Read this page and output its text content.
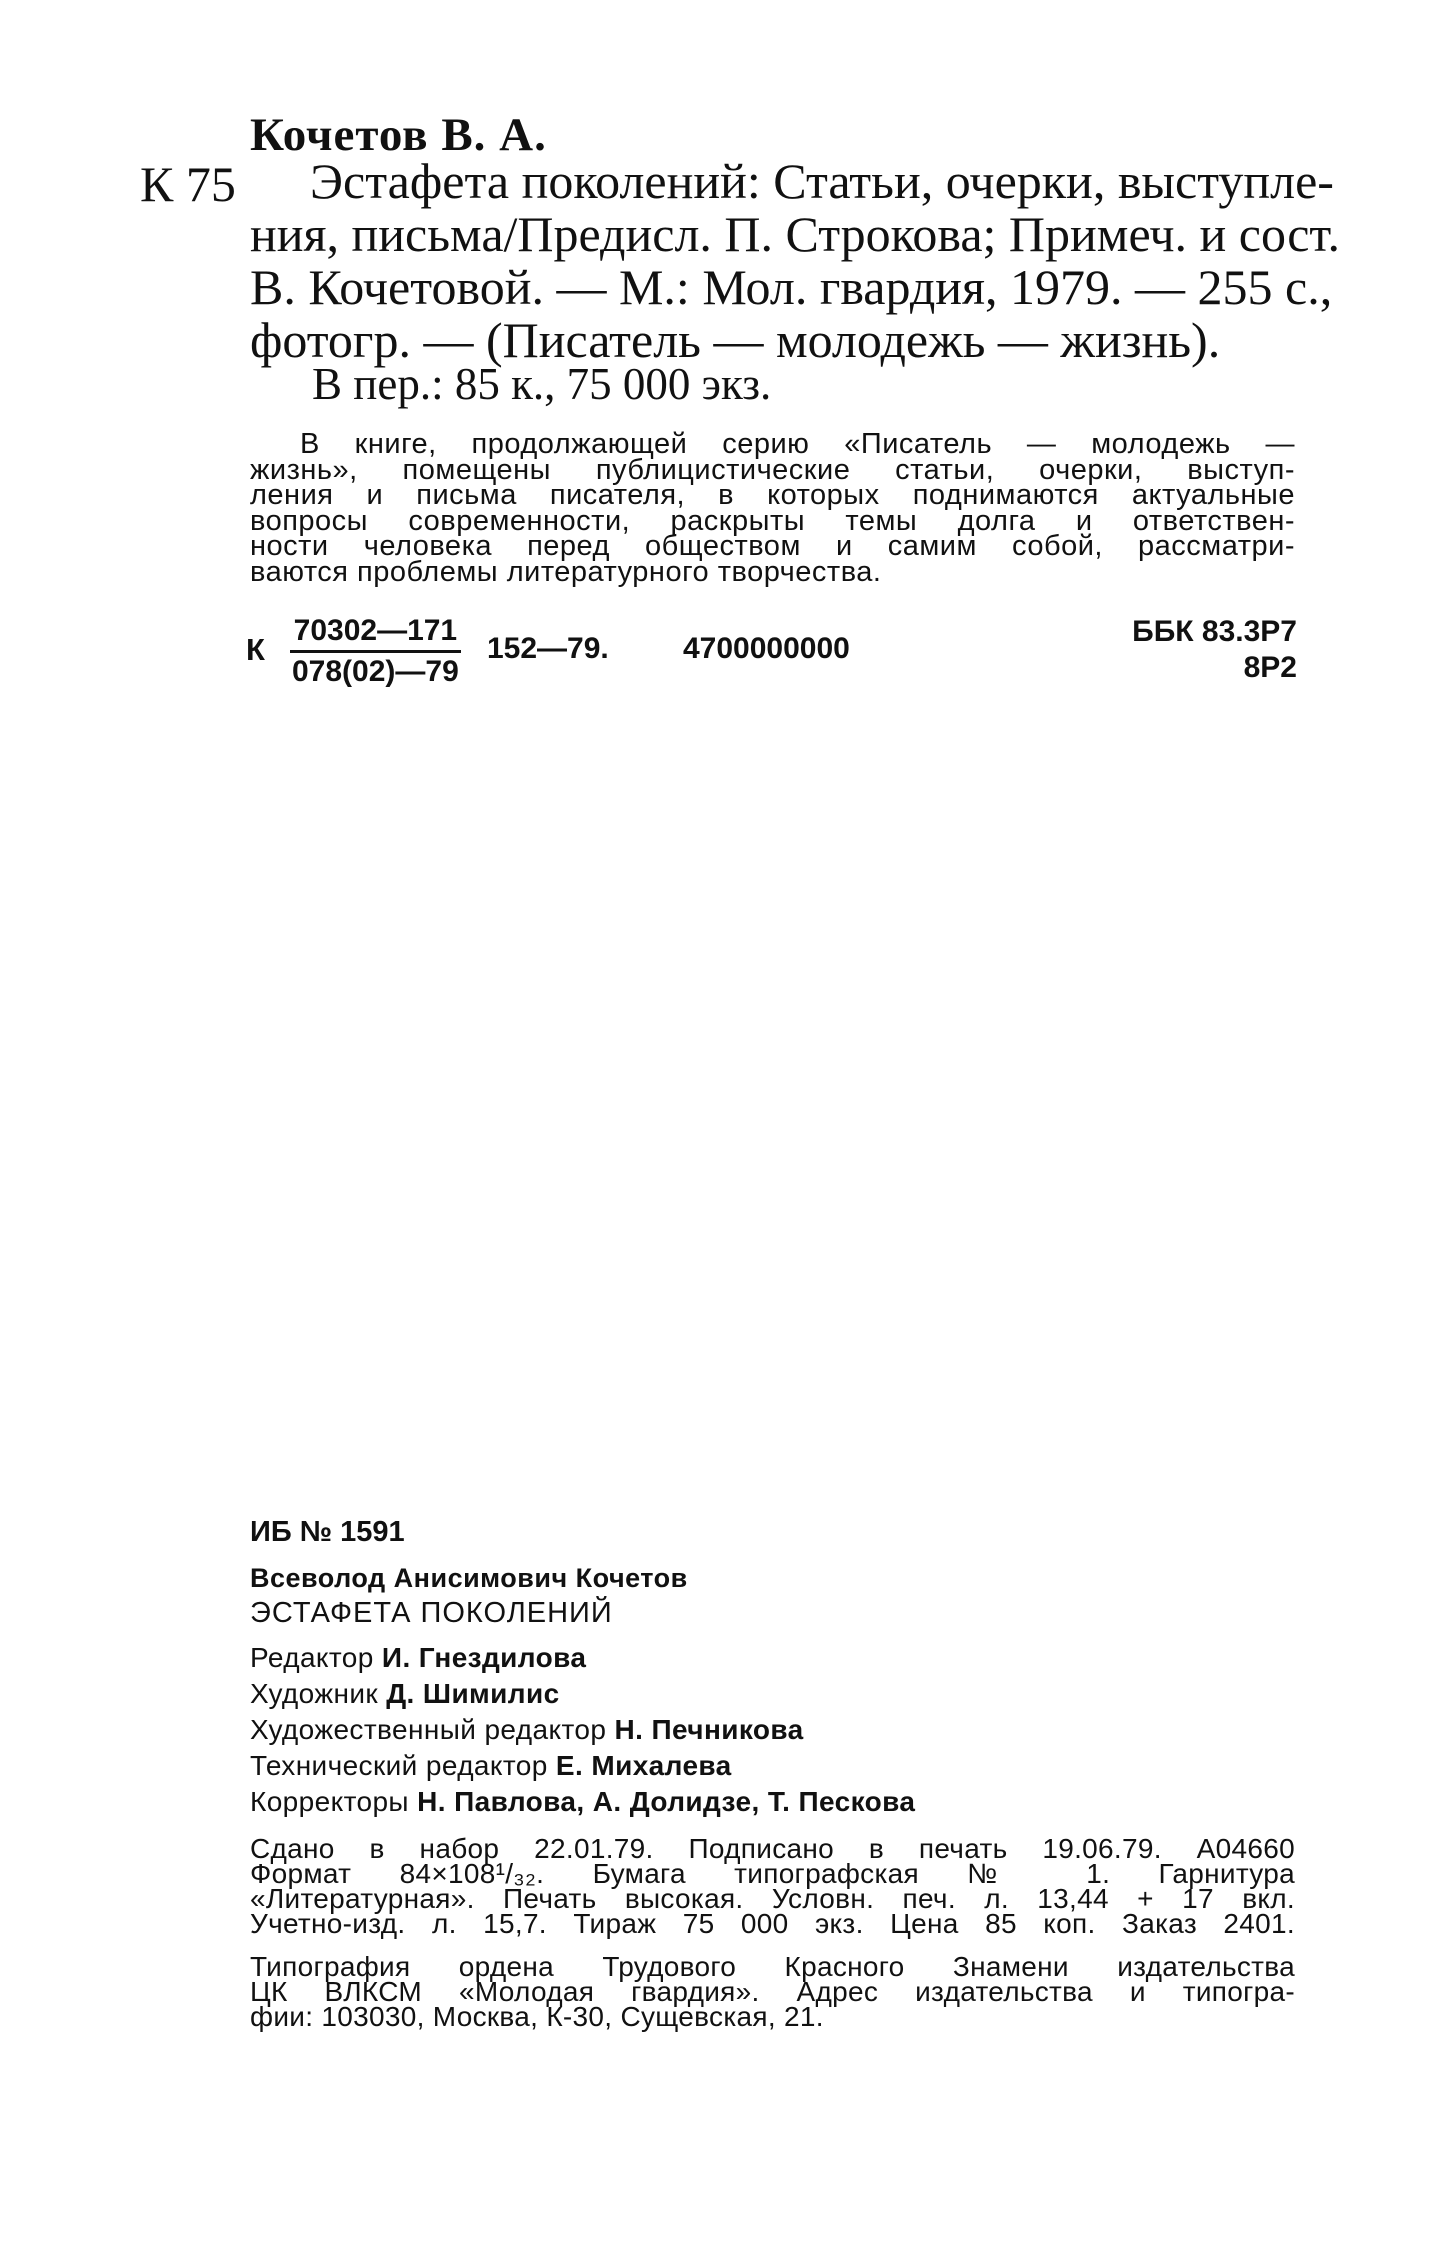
Кочетов В. А.
К 75	Эстафета поколений: Статьи, очерки, выступле-
ния, письма/Предисл. П. Строкова; Примеч. и сост.
В. Кочетовой. — М.: Мол. гвардия, 1979. — 255 с.,
фотогр. — (Писатель — молодежь — жизнь).
В пер.: 85 к., 75 000 экз.
В книге, продолжающей серию «Писатель — молодежь —
жизнь», помещены публицистические статьи, очерки, выступ-
ления и письма писателя, в которых поднимаются актуальные
вопросы современности, раскрыты темы долга и ответствен-
ности человека перед обществом и самим собой, рассматри-
ваются проблемы литературного творчества.
К $\frac{70302—171}{078(02)—79}$ 152—79. 4700000000
ББК 83.3Р7
8Р2
ИБ № 1591
Всеволод Анисимович Кочетов
ЭСТАФЕТА ПОКОЛЕНИЙ
Редактор И. Гнездилова
Художник Д. Шимилис
Художественный редактор Н. Печникова
Технический редактор Е. Михалева
Корректоры Н. Павлова, А. Долидзе, Т. Пескова
Сдано в набор 22.01.79. Подписано в печать 19.06.79. А04660
Формат 84×108¹/₃₂. Бумага типографская № 1. Гарнитура
«Литературная». Печать высокая. Условн. печ. л. 13,44 + 17 вкл.
Учетно-изд. л. 15,7. Тираж 75 000 экз. Цена 85 коп. Заказ 2401.
Типография ордена Трудового Красного Знамени издательства
ЦК ВЛКСМ «Молодая гвардия». Адрес издательства и типогра-
фии: 103030, Москва, К-30, Сущевская, 21.
